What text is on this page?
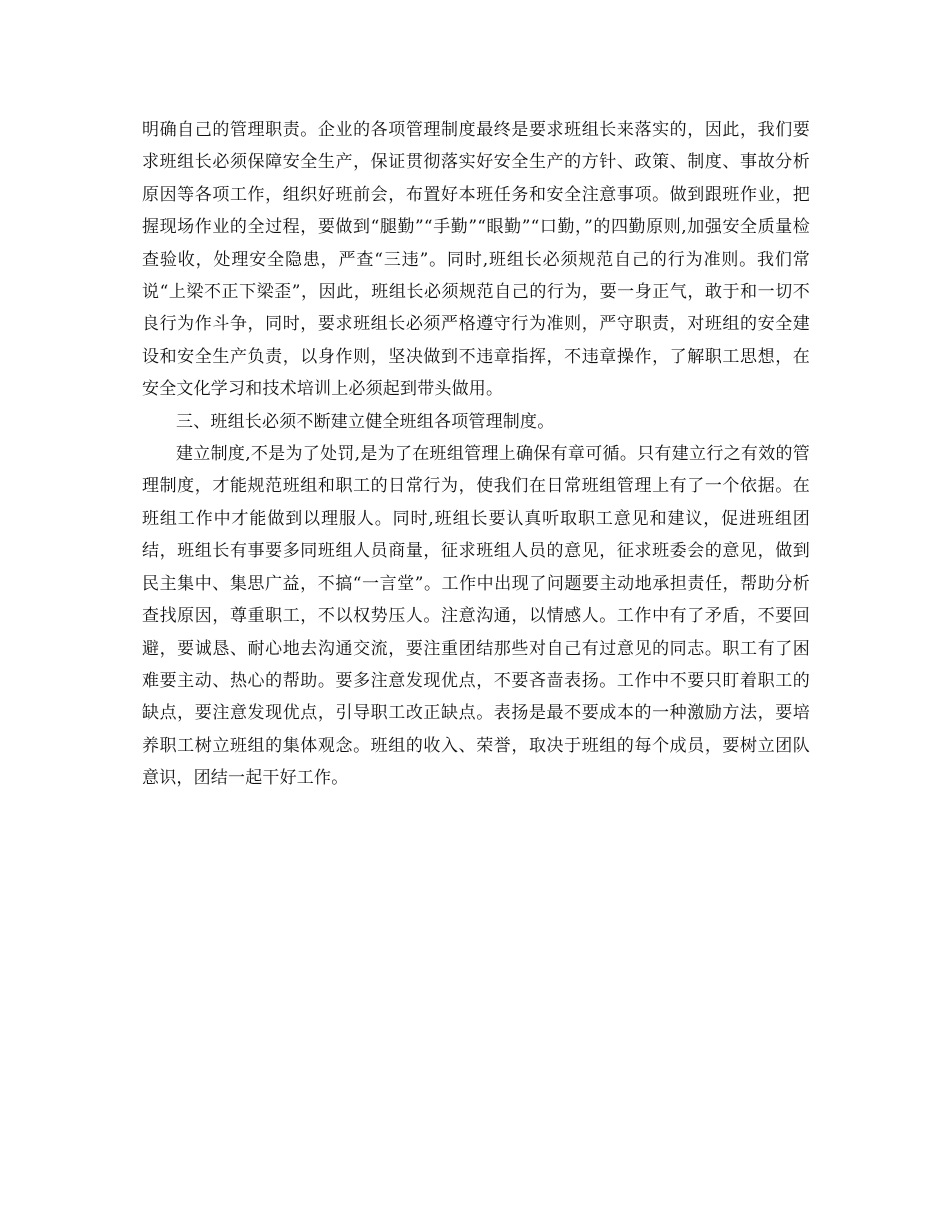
明确自己的管理职责。企业的各项管理制度最终是要求班组长来落实的，因此，我们要求班组长必须保障安全生产，保证贯彻落实好安全生产的方针、政策、制度、事故分析原因等各项工作，组织好班前会，布置好本班任务和安全注意事项。做到跟班作业，把握现场作业的全过程，要做到“腿勤”“手勤”“眼勤”“口勤，”的四勤原则,加强安全质量检查验收，处理安全隐患，严查“三违”。同时,班组长必须规范自己的行为准则。我们常说“上梁不正下梁歪”，因此，班组长必须规范自己的行为，要一身正气，敢于和一切不良行为作斗争，同时，要求班组长必须严格遵守行为准则，严守职责，对班组的安全建设和安全生产负责，以身作则，坚决做到不违章指挥，不违章操作，了解职工思想，在安全文化学习和技术培训上必须起到带头做用。

三、班组长必须不断建立健全班组各项管理制度。

建立制度,不是为了处罚,是为了在班组管理上确保有章可循。只有建立行之有效的管理制度，才能规范班组和职工的日常行为，使我们在日常班组管理上有了一个依据。在班组工作中才能做到以理服人。同时,班组长要认真听取职工意见和建议，促进班组团结，班组长有事要多同班组人员商量，征求班组人员的意见，征求班委会的意见，做到民主集中、集思广益，不搞“一言堂”。工作中出现了问题要主动地承担责任，帮助分析查找原因，尊重职工，不以权势压人。注意沟通，以情感人。工作中有了矛盾，不要回避，要诚恳、耐心地去沟通交流，要注重团结那些对自己有过意见的同志。职工有了困难要主动、热心的帮助。要多注意发现优点，不要吝啬表扬。工作中不要只盯着职工的缺点，要注意发现优点，引导职工改正缺点。表扬是最不要成本的一种激励方法，要培养职工树立班组的集体观念。班组的收入、荣誉，取决于班组的每个成员，要树立团队意识，团结一起干好工作。
